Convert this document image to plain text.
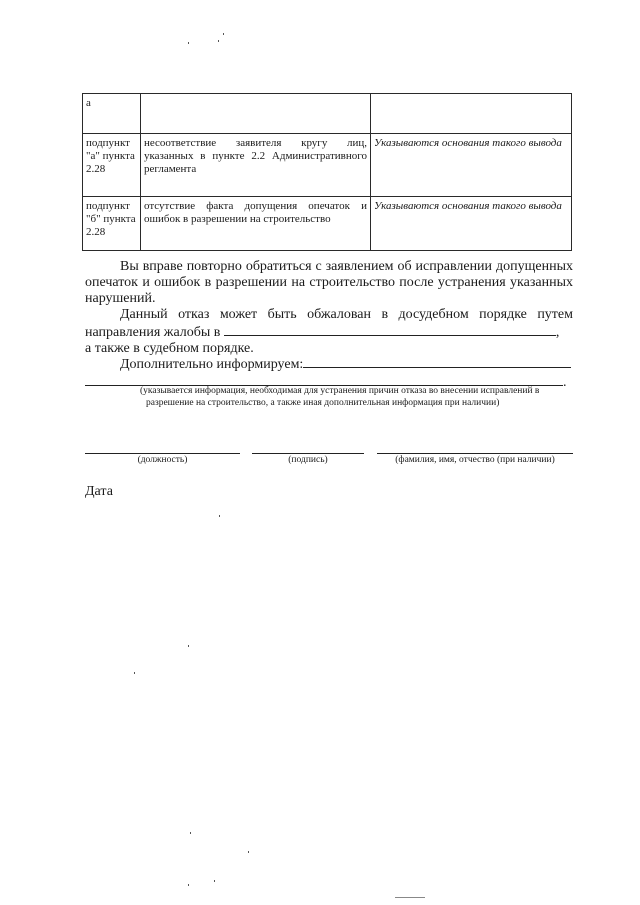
а		
подпункт "а" пункта 2.28	несоответствие заявителя кругу лиц,
указанных в пункте 2.2 Административного
регламента	Указываются основания такого вывода
подпункт "б" пункта 2.28	отсутствие факта допущения опечаток и
ошибок в разрешении на строительство	Указываются основания такого вывода
Вы вправе повторно обратиться с заявлением об исправлении допущенных
опечаток и ошибок в разрешении на строительство после устранения указанных
нарушений.
Данный отказ может быть обжалован в досудебном порядке путем
направления жалобы в	,
а также в судебном порядке.
Дополнительно информируем:
.
(указывается информация, необходимая для устранения причин отказа во внесении исправлений в
разрешение на строительство, а также иная дополнительная информация при наличии)
(должность)	(подпись)	(фамилия, имя, отчество (при наличии)
Дата
